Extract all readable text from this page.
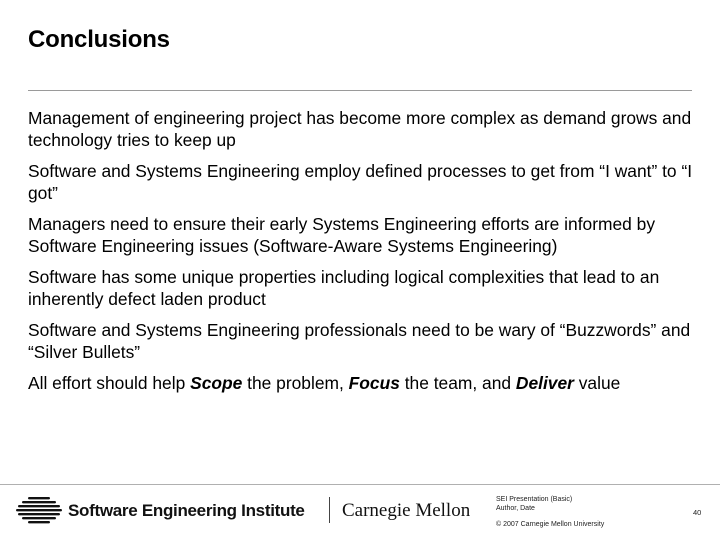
Conclusions
Management of engineering project has become more complex as demand grows and technology tries to keep up
Software and Systems Engineering employ defined processes to get from “I want” to “I got”
Managers need to ensure their early Systems Engineering efforts are informed by Software Engineering issues (Software-Aware Systems Engineering)
Software has some unique properties including logical complexities that lead to an inherently defect laden product
Software and Systems Engineering professionals need to be wary of “Buzzwords” and “Silver Bullets”
All effort should help Scope the problem, Focus the team, and Deliver value
Software Engineering Institute Carnegie Mellon
SEI Presentation (Basic)
Author, Date
© 2007 Carnegie Mellon University
40
